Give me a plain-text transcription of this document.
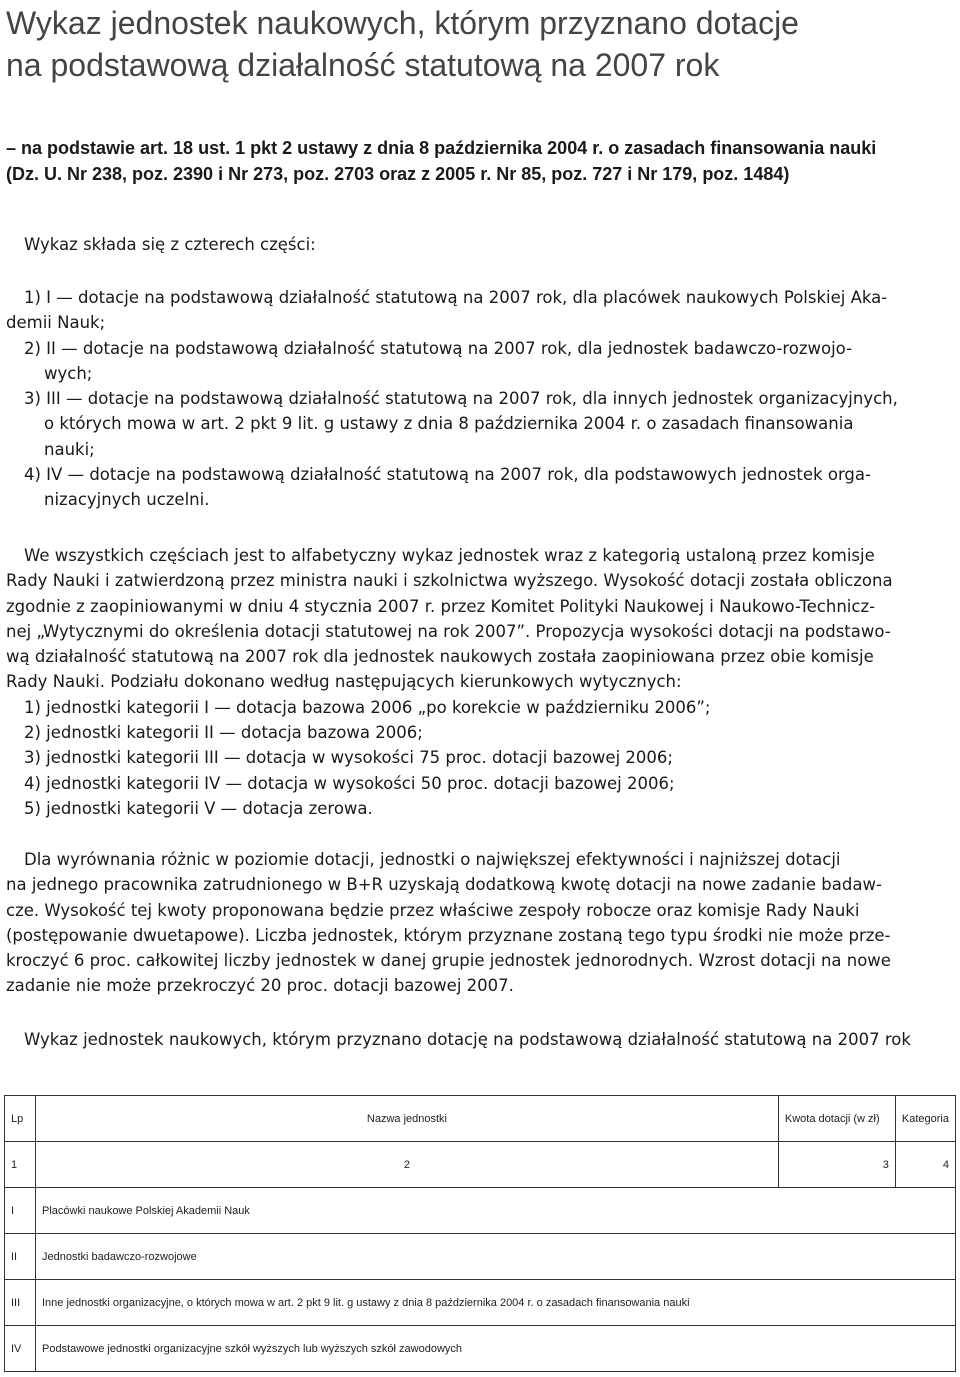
Wykaz jednostek naukowych, którym przyznano dotacje
na podstawową działalność statutową na 2007 rok
– na podstawie art. 18 ust. 1 pkt 2 ustawy z dnia 8 października 2004 r. o zasadach finansowania nauki
(Dz. U. Nr 238, poz. 2390 i Nr 273, poz. 2703 oraz z 2005 r. Nr 85, poz. 727 i Nr 179, poz. 1484)
Wykaz składa się z czterech części:
1) I — dotacje na podstawową działalność statutową na 2007 rok, dla placówek naukowych Polskiej Aka-
demii Nauk;
2) II — dotacje na podstawową działalność statutową na 2007 rok, dla jednostek badawczo-rozwojo-
wych;
3) III — dotacje na podstawową działalność statutową na 2007 rok, dla innych jednostek organizacyjnych,
o których mowa w art. 2 pkt 9 lit. g ustawy z dnia 8 października 2004 r. o zasadach finansowania
nauki;
4) IV — dotacje na podstawową działalność statutową na 2007 rok, dla podstawowych jednostek orga-
nizacyjnych uczelni.
We wszystkich częściach jest to alfabetyczny wykaz jednostek wraz z kategorią ustaloną przez komisje
Rady Nauki i zatwierdzoną przez ministra nauki i szkolnictwa wyższego. Wysokość dotacji została obliczona
zgodnie z zaopiniowanymi w dniu 4 stycznia 2007 r. przez Komitet Polityki Naukowej i Naukowo-Technicz-
nej „Wytycznymi do określenia dotacji statutowej na rok 2007”. Propozycja wysokości dotacji na podstawo-
wą działalność statutową na 2007 rok dla jednostek naukowych została zaopiniowana przez obie komisje
Rady Nauki. Podziału dokonano według następujących kierunkowych wytycznych:
1) jednostki kategorii I — dotacja bazowa 2006 „po korekcie w październiku 2006”;
2) jednostki kategorii II — dotacja bazowa 2006;
3) jednostki kategorii III — dotacja w wysokości 75 proc. dotacji bazowej 2006;
4) jednostki kategorii IV — dotacja w wysokości 50 proc. dotacji bazowej 2006;
5) jednostki kategorii V — dotacja zerowa.
Dla wyrównania różnic w poziomie dotacji, jednostki o największej efektywności i najniższej dotacji
na jednego pracownika zatrudnionego w B+R uzyskają dodatkową kwotę dotacji na nowe zadanie badaw-
cze. Wysokość tej kwoty proponowana będzie przez właściwe zespoły robocze oraz komisje Rady Nauki
(postępowanie dwuetapowe). Liczba jednostek, którym przyznane zostaną tego typu środki nie może prze-
kroczyć 6 proc. całkowitej liczby jednostek w danej grupie jednostek jednorodnych. Wzrost dotacji na nowe
zadanie nie może przekroczyć 20 proc. dotacji bazowej 2007.
Wykaz jednostek naukowych, którym przyznano dotację na podstawową działalność statutową na 2007 rok
Lp	Nazwa jednostki	Kwota dotacji (w zł)	Kategoria
1	2	3	4
I	Placówki naukowe Polskiej Akademii Nauk		
II	Jednostki badawczo-rozwojowe		
III	Inne jednostki organizacyjne, o których mowa w art. 2 pkt 9 lit. g ustawy z dnia 8 października 2004 r. o zasadach finansowania nauki		
IV	Podstawowe jednostki organizacyjne szkół wyższych lub wyższych szkół zawodowych		
